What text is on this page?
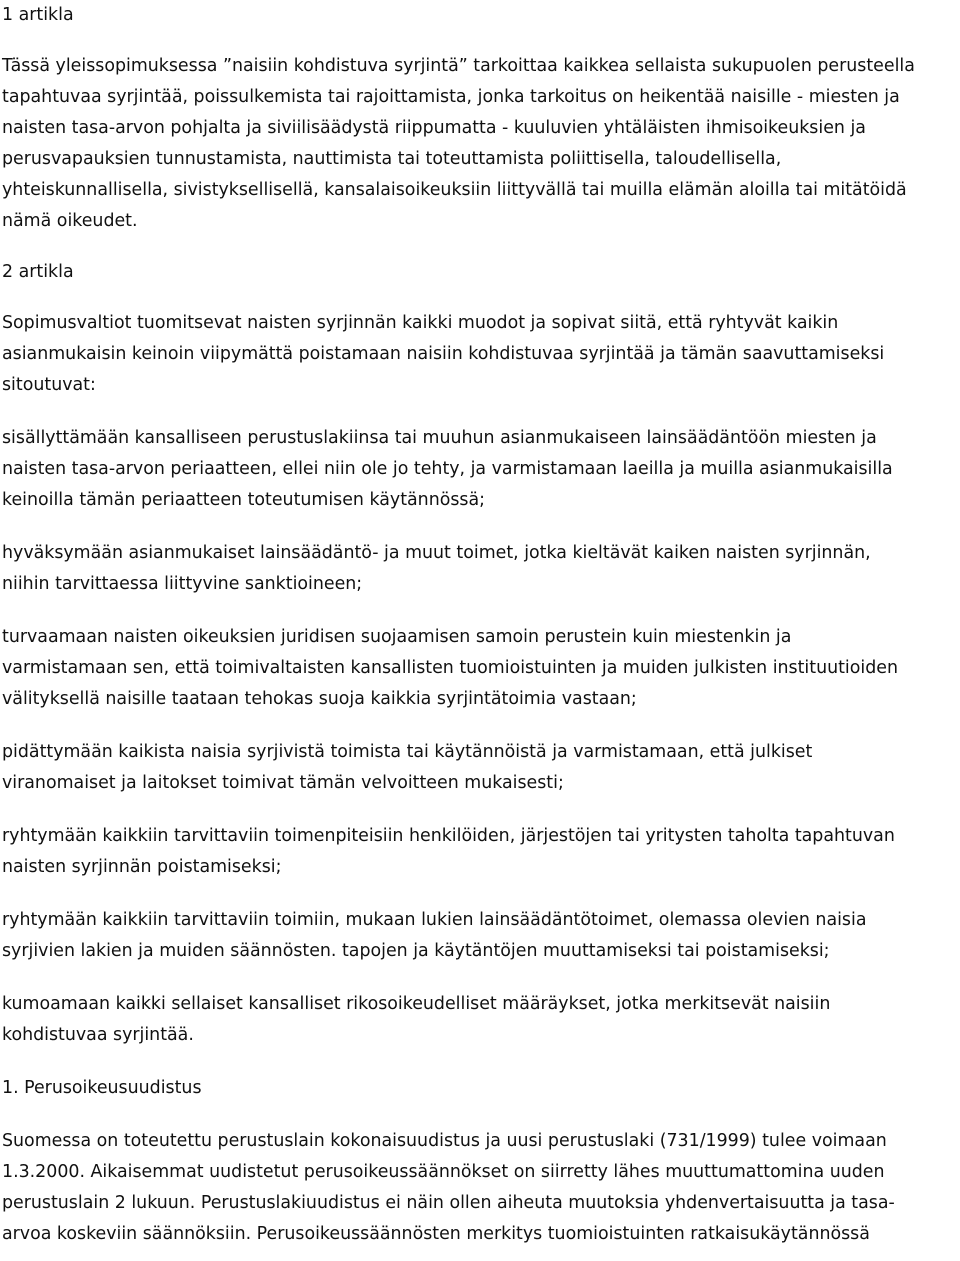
1 artikla
Tässä yleissopimuksessa ”naisiin kohdistuva syrjintä” tarkoittaa kaikkea sellaista sukupuolen perusteella
tapahtuvaa syrjintää, poissulkemista tai rajoittamista, jonka tarkoitus on heikentää naisille - miesten ja
naisten tasa-arvon pohjalta ja siviilisäädystä riippumatta - kuuluvien yhtäläisten ihmisoikeuksien ja
perusvapauksien tunnustamista, nauttimista tai toteuttamista poliittisella, taloudellisella,
yhteiskunnallisella, sivistyksellisellä, kansalaisoikeuksiin liittyvällä tai muilla elämän aloilla tai mitätöidä
nämä oikeudet.
2 artikla
Sopimusvaltiot tuomitsevat naisten syrjinnän kaikki muodot ja sopivat siitä, että ryhtyvät kaikin
asianmukaisin keinoin viipymättä poistamaan naisiin kohdistuvaa syrjintää ja tämän saavuttamiseksi
sitoutuvat:
sisällyttämään kansalliseen perustuslakiinsa tai muuhun asianmukaiseen lainsäädäntöön miesten ja
naisten tasa-arvon periaatteen, ellei niin ole jo tehty, ja varmistamaan laeilla ja muilla asianmukaisilla
keinoilla tämän periaatteen toteutumisen käytännössä;
hyväksymään asianmukaiset lainsäädäntö- ja muut toimet, jotka kieltävät kaiken naisten syrjinnän,
niihin tarvittaessa liittyvine sanktioineen;
turvaamaan naisten oikeuksien juridisen suojaamisen samoin perustein kuin miestenkin ja
varmistamaan sen, että toimivaltaisten kansallisten tuomioistuinten ja muiden julkisten instituutioiden
välityksellä naisille taataan tehokas suoja kaikkia syrjintätoimia vastaan;
pidättymään kaikista naisia syrjivistä toimista tai käytännöistä ja varmistamaan, että julkiset
viranomaiset ja laitokset toimivat tämän velvoitteen mukaisesti;
ryhtymään kaikkiin tarvittaviin toimenpiteisiin henkilöiden, järjestöjen tai yritysten taholta tapahtuvan
naisten syrjinnän poistamiseksi;
ryhtymään kaikkiin tarvittaviin toimiin, mukaan lukien lainsäädäntötoimet, olemassa olevien naisia
syrjivien lakien ja muiden säännösten. tapojen ja käytäntöjen muuttamiseksi tai poistamiseksi;
kumoamaan kaikki sellaiset kansalliset rikosoikeudelliset määräykset, jotka merkitsevät naisiin
kohdistuvaa syrjintää.
1. Perusoikeusuudistus
Suomessa on toteutettu perustuslain kokonaisuudistus ja uusi perustuslaki (731/1999) tulee voimaan
1.3.2000. Aikaisemmat uudistetut perusoikeussäännökset on siirretty lähes muuttumattomina uuden
perustuslain 2 lukuun. Perustuslakiuudistus ei näin ollen aiheuta muutoksia yhdenvertaisuutta ja tasa-
arvoa koskeviin säännöksiin. Perusoikeussäännösten merkitys tuomioistuinten ratkaisukäytännössä
